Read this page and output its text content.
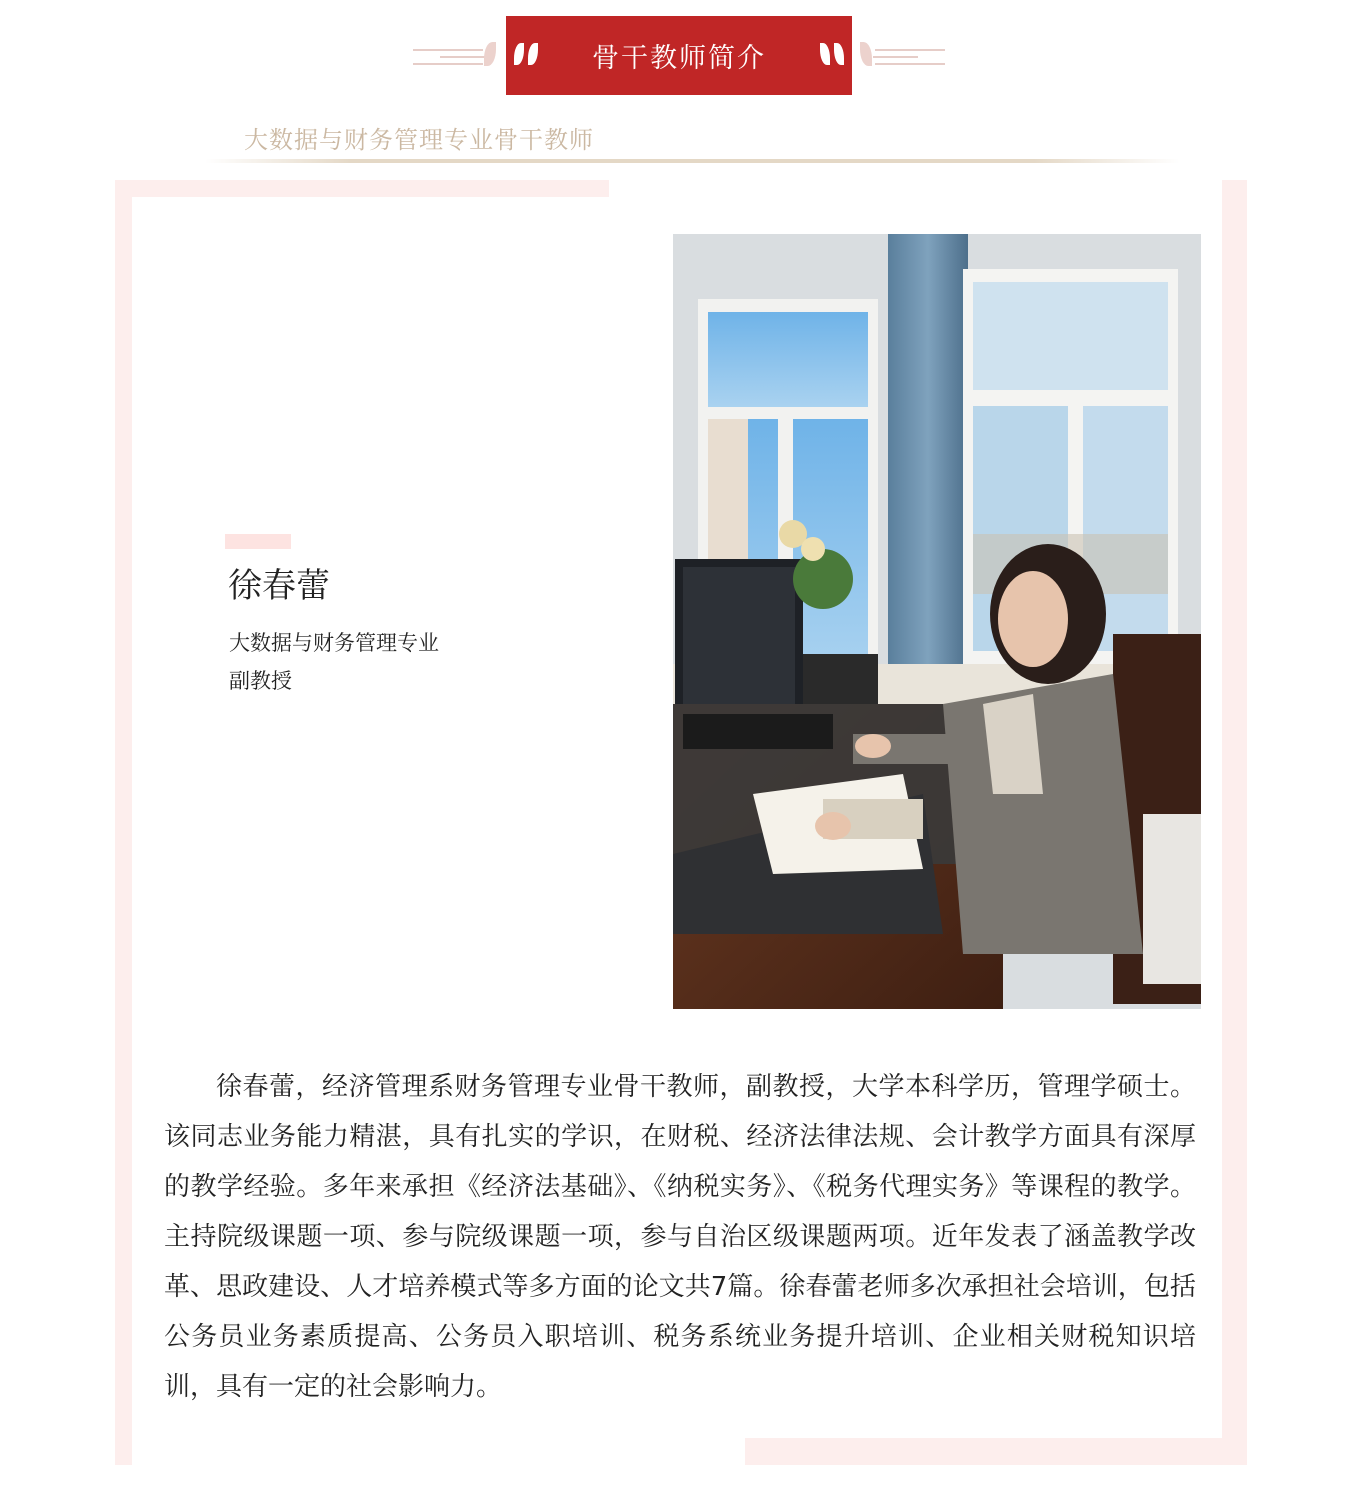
骨干教师简介
大数据与财务管理专业骨干教师
徐春蕾
大数据与财务管理专业
副教授

徐春蕾，经济管理系财务管理专业骨干教师，副教授，大学本科学历，管理学硕士。该同志业务能力精湛，具有扎实的学识，在财税、经济法律法规、会计教学方面具有深厚的教学经验。多年来承担《经济法基础》、《纳税实务》、《税务代理实务》等课程的教学。主持院级课题一项、参与院级课题一项，参与自治区级课题两项。近年发表了涵盖教学改革、思政建设、人才培养模式等多方面的论文共7篇。徐春蕾老师多次承担社会培训，包括公务员业务素质提高、公务员入职培训、税务系统业务提升培训、企业相关财税知识培训，具有一定的社会影响力。
